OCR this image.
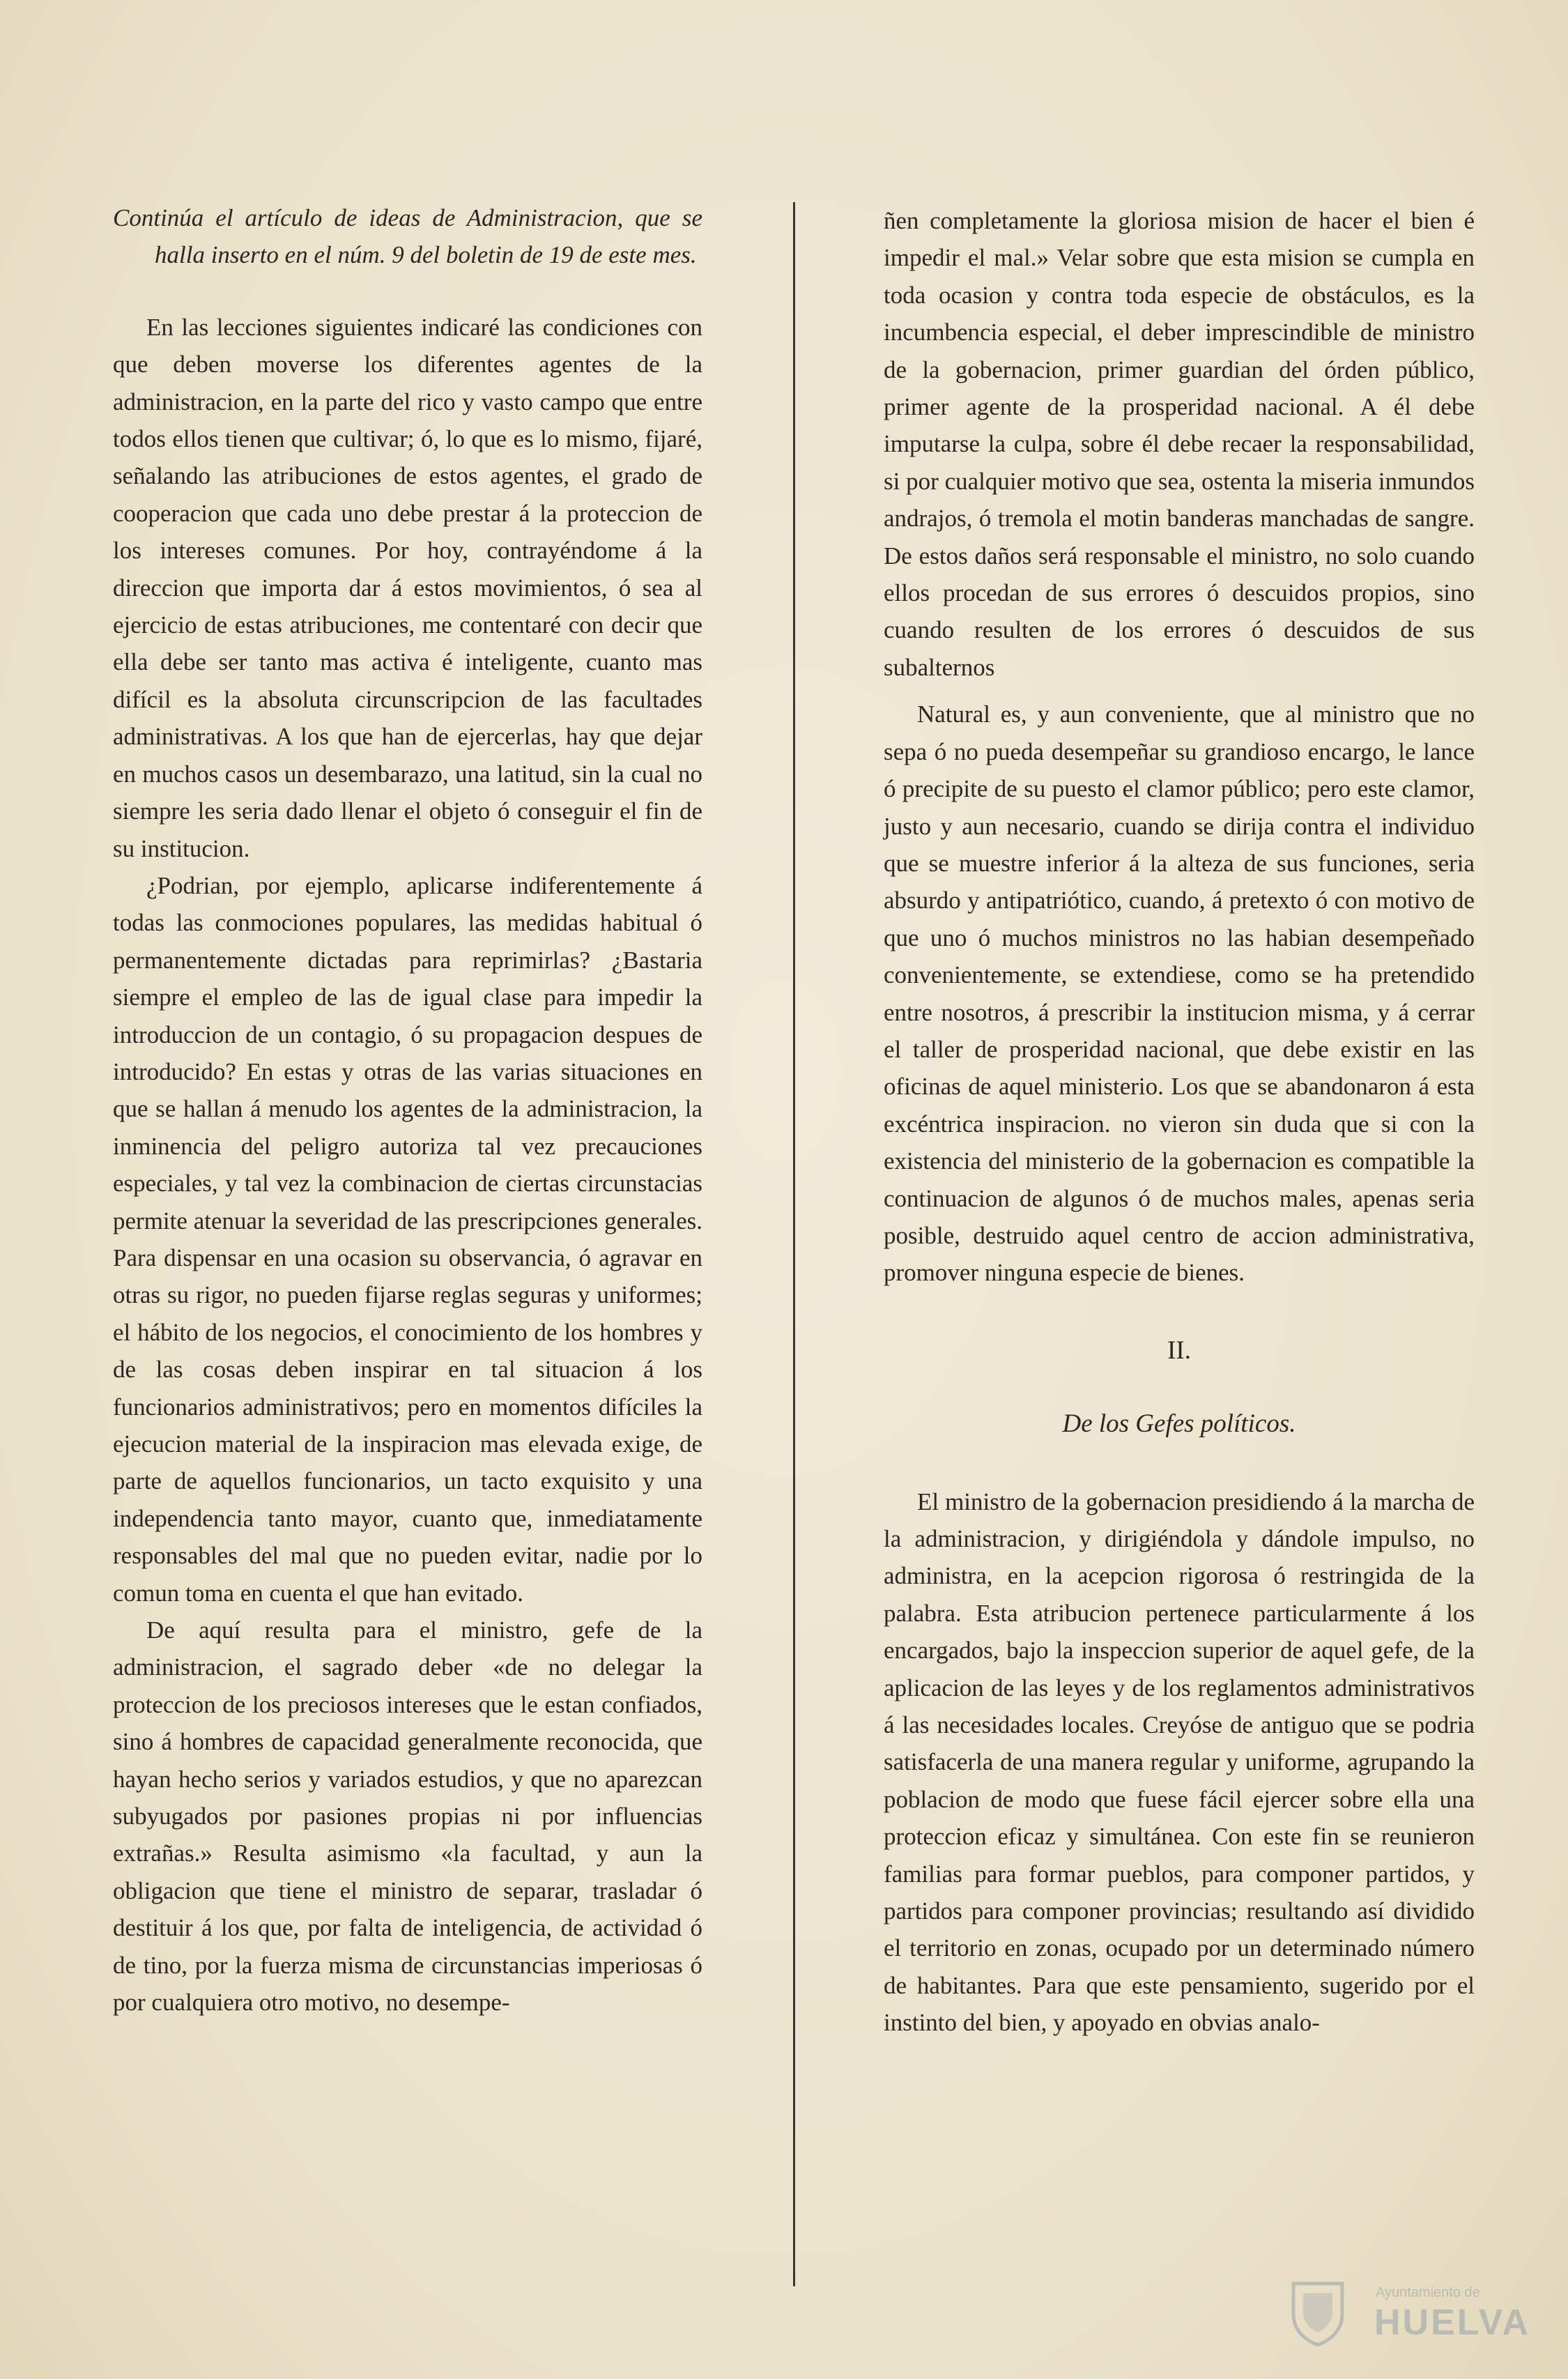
Continúa el artículo de ideas de Administracion, que se halla inserto en el núm. 9 del boletin de 19 de este mes.

En las lecciones siguientes indicaré las condiciones con que deben moverse los diferentes agentes de la administracion, en la parte del rico y vasto campo que entre todos ellos tienen que cultivar; ó, lo que es lo mismo, fijaré, señalando las atribuciones de estos agentes, el grado de cooperacion que cada uno debe prestar á la proteccion de los intereses comunes. Por hoy, contrayéndome á la direccion que importa dar á estos movimientos, ó sea al ejercicio de estas atribuciones, me contentaré con decir que ella debe ser tanto mas activa é inteligente, cuanto mas difícil es la absoluta circunscripcion de las facultades administrativas. A los que han de ejercerlas, hay que dejar en muchos casos un desembarazo, una latitud, sin la cual no siempre les seria dado llenar el objeto ó conseguir el fin de su institucion.

¿Podrian, por ejemplo, aplicarse indiferentemente á todas las conmociones populares, las medidas habitual ó permanentemente dictadas para reprimirlas? ¿Bastaria siempre el empleo de las de igual clase para impedir la introduccion de un contagio, ó su propagacion despues de introducido? En estas y otras de las varias situaciones en que se hallan á menudo los agentes de la administracion, la inminencia del peligro autoriza tal vez precauciones especiales, y tal vez la combinacion de ciertas circunstacias permite atenuar la severidad de las prescripciones generales. Para dispensar en una ocasion su observancia, ó agravar en otras su rigor, no pueden fijarse reglas seguras y uniformes; el hábito de los negocios, el conocimiento de los hombres y de las cosas deben inspirar en tal situacion á los funcionarios administrativos; pero en momentos difíciles la ejecucion material de la inspiracion mas elevada exige, de parte de aquellos funcionarios, un tacto exquisito y una independencia tanto mayor, cuanto que, inmediatamente responsables del mal que no pueden evitar, nadie por lo comun toma en cuenta el que han evitado.

De aquí resulta para el ministro, gefe de la administracion, el sagrado deber «de no delegar la proteccion de los preciosos intereses que le estan confiados, sino á hombres de capacidad generalmente reconocida, que hayan hecho serios y variados estudios, y que no aparezcan subyugados por pasiones propias ni por influencias extrañas.» Resulta asimismo «la facultad, y aun la obligacion que tiene el ministro de separar, trasladar ó destituir á los que, por falta de inteligencia, de actividad ó de tino, por la fuerza misma de circunstancias imperiosas ó por cualquiera otro motivo, no desempe-

ñen completamente la gloriosa mision de hacer el bien é impedir el mal.» Velar sobre que esta mision se cumpla en toda ocasion y contra toda especie de obstáculos, es la incumbencia especial, el deber imprescindible de ministro de la gobernacion, primer guardian del órden público, primer agente de la prosperidad nacional. A él debe imputarse la culpa, sobre él debe recaer la responsabilidad, si por cualquier motivo que sea, ostenta la miseria inmundos andrajos, ó tremola el motin banderas manchadas de sangre. De estos daños será responsable el ministro, no solo cuando ellos procedan de sus errores ó descuidos propios, sino cuando resulten de los errores ó descuidos de sus subalternos

Natural es, y aun conveniente, que al ministro que no sepa ó no pueda desempeñar su grandioso encargo, le lance ó precipite de su puesto el clamor público; pero este clamor, justo y aun necesario, cuando se dirija contra el individuo que se muestre inferior á la alteza de sus funciones, seria absurdo y antipatriótico, cuando, á pretexto ó con motivo de que uno ó muchos ministros no las habian desempeñado convenientemente, se extendiese, como se ha pretendido entre nosotros, á prescribir la institucion misma, y á cerrar el taller de prosperidad nacional, que debe existir en las oficinas de aquel ministerio. Los que se abandonaron á esta excéntrica inspiracion. no vieron sin duda que si con la existencia del ministerio de la gobernacion es compatible la continuacion de algunos ó de muchos males, apenas seria posible, destruido aquel centro de accion administrativa, promover ninguna especie de bienes.

II.

De los Gefes políticos.

El ministro de la gobernacion presidiendo á la marcha de la administracion, y dirigiéndola y dándole impulso, no administra, en la acepcion rigorosa ó restringida de la palabra. Esta atribucion pertenece particularmente á los encargados, bajo la inspeccion superior de aquel gefe, de la aplicacion de las leyes y de los reglamentos administrativos á las necesidades locales. Creyóse de antiguo que se podria satisfacerla de una manera regular y uniforme, agrupando la poblacion de modo que fuese fácil ejercer sobre ella una proteccion eficaz y simultánea. Con este fin se reunieron familias para formar pueblos, para componer partidos, y partidos para componer provincias; resultando así dividido el territorio en zonas, ocupado por un determinado número de habitantes. Para que este pensamiento, sugerido por el instinto del bien, y apoyado en obvias analo-

Ayuntamiento de
HUELVA
